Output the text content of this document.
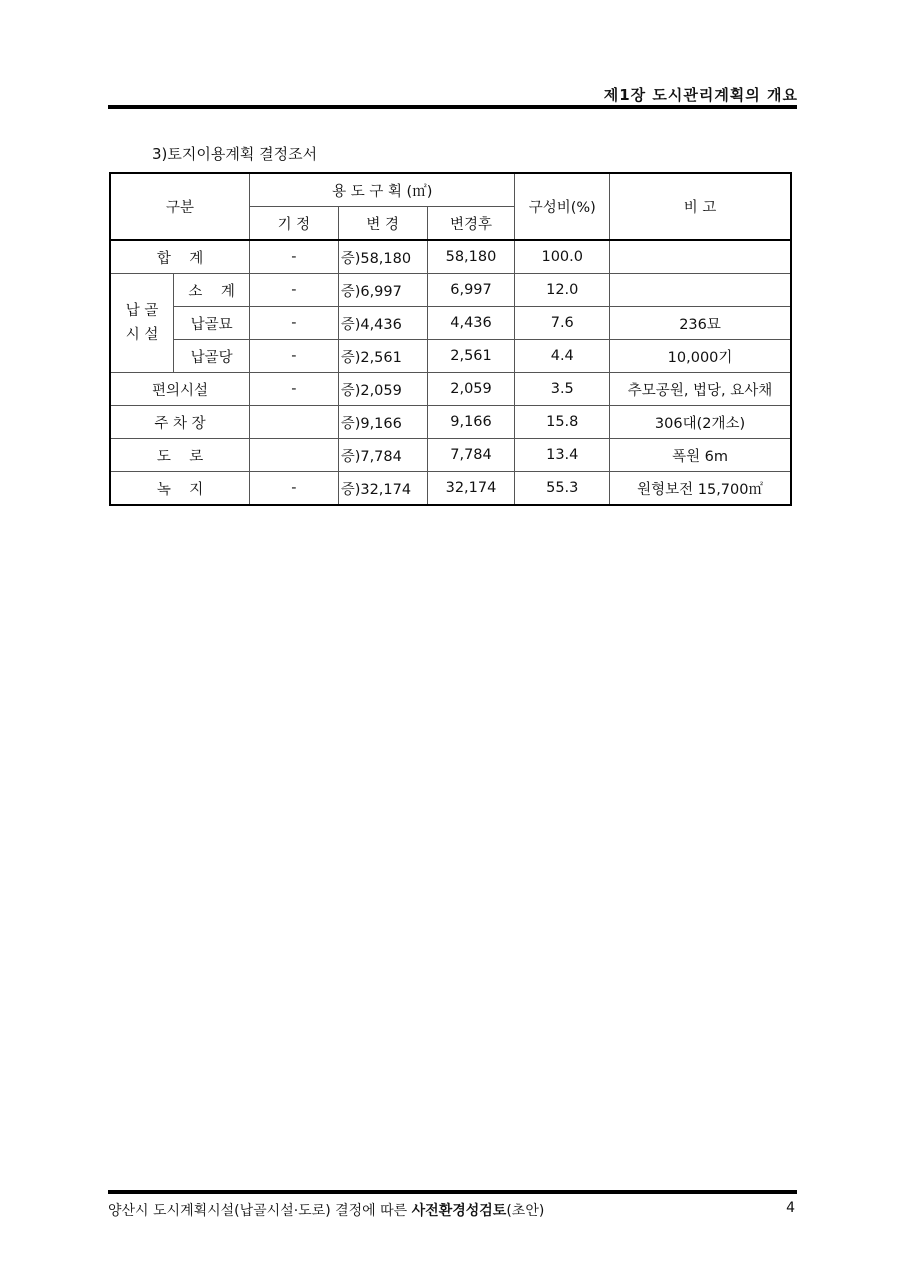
제1장 도시관리계획의 개요
3)토지이용계획 결정조서
구분		용 도 구 획 (㎡)			구성비(%)	비 고
		기 정	변 경	변경후		
합    계		-	증)58,180	58,180	100.0	

납 골
시 설	소    계	-	증)6,997	6,997	12.0	
	납골묘	-	증)4,436	4,436	7.6	236묘
	납골당	-	증)2,561	2,561	4.4	10,000기
편의시설		-	증)2,059	2,059	3.5	추모공원, 법당, 요사채
주 차 장			증)9,166	9,166	15.8	306대(2개소)
도    로			증)7,784	7,784	13.4	폭원 6m
녹    지		-	증)32,174	32,174	55.3	원형보전 15,700㎡
양산시 도시계획시설(납골시설·도로) 결정에 따른 사전환경성검토(초안)	4
